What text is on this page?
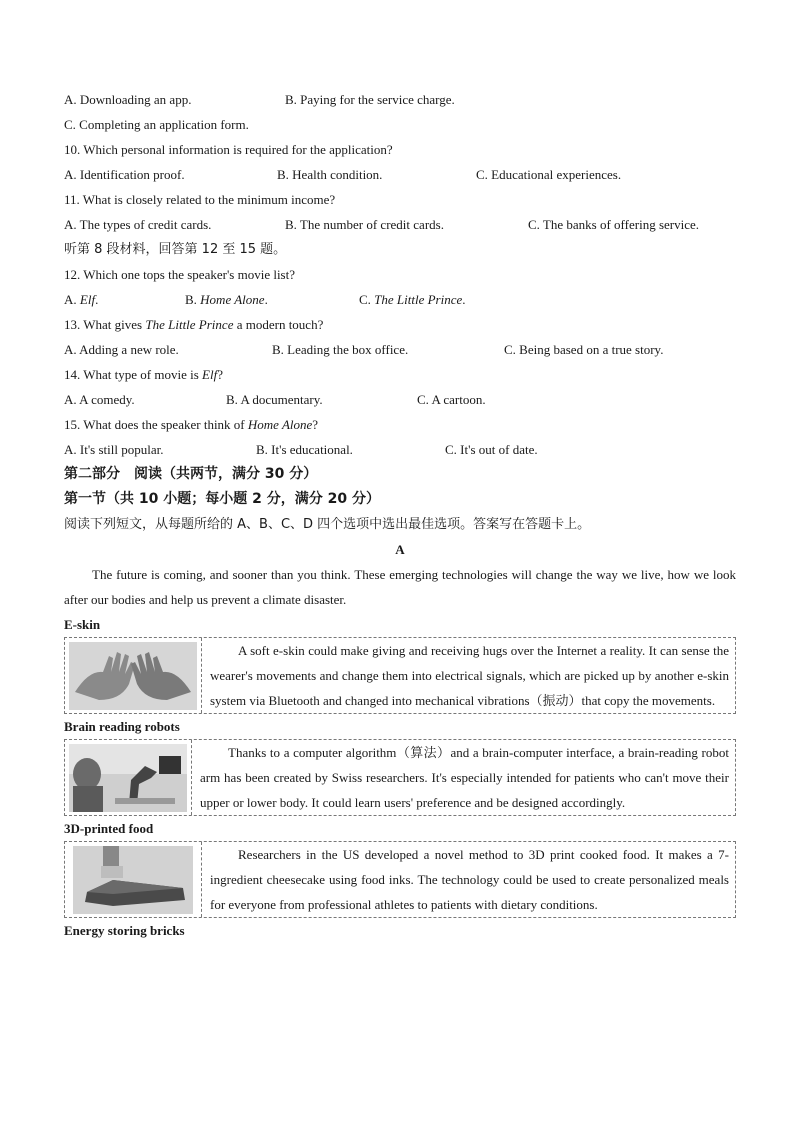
A. Downloading an app.	B. Paying for the service charge.
C. Completing an application form.
10. Which personal information is required for the application?
A. Identification proof.	B. Health condition.	C. Educational experiences.
11. What is closely related to the minimum income?
A. The types of credit cards.	B. The number of credit cards.	C. The banks of offering service.
听第 8 段材料，回答第 12 至 15 题。
12. Which one tops the speaker's movie list?
A. Elf.	B. Home Alone.	C. The Little Prince.
13. What gives The Little Prince a modern touch?
A. Adding a new role.	B. Leading the box office.	C. Being based on a true story.
14. What type of movie is Elf?
A. A comedy.	B. A documentary.	C. A cartoon.
15. What does the speaker think of Home Alone?
A. It's still popular.	B. It's educational.	C. It's out of date.
第二部分　阅读（共两节，满分 30 分）
第一节（共 10 小题；每小题 2 分，满分 20 分）
阅读下列短文，从每题所给的 A、B、C、D 四个选项中选出最佳选项。答案写在答题卡上。
A

The future is coming, and sooner than you think. These emerging technologies will change the way we live, how we look after our bodies and help us prevent a climate disaster.

E-skin
A soft e-skin could make giving and receiving hugs over the Internet a reality. It can sense the wearer's movements and change them into electrical signals, which are picked up by another e-skin system via Bluetooth and changed into mechanical vibrations（振动）that copy the movements.
Brain reading robots
Thanks to a computer algorithm（算法）and a brain-computer interface, a brain-reading robot arm has been created by Swiss researchers. It's especially intended for patients who can't move their upper or lower body. It could learn users' preference and be designed accordingly.
3D-printed food
Researchers in the US developed a novel method to 3D print cooked food. It makes a 7-ingredient cheesecake using food inks. The technology could be used to create personalized meals for everyone from professional athletes to patients with dietary conditions.
Energy storing bricks
